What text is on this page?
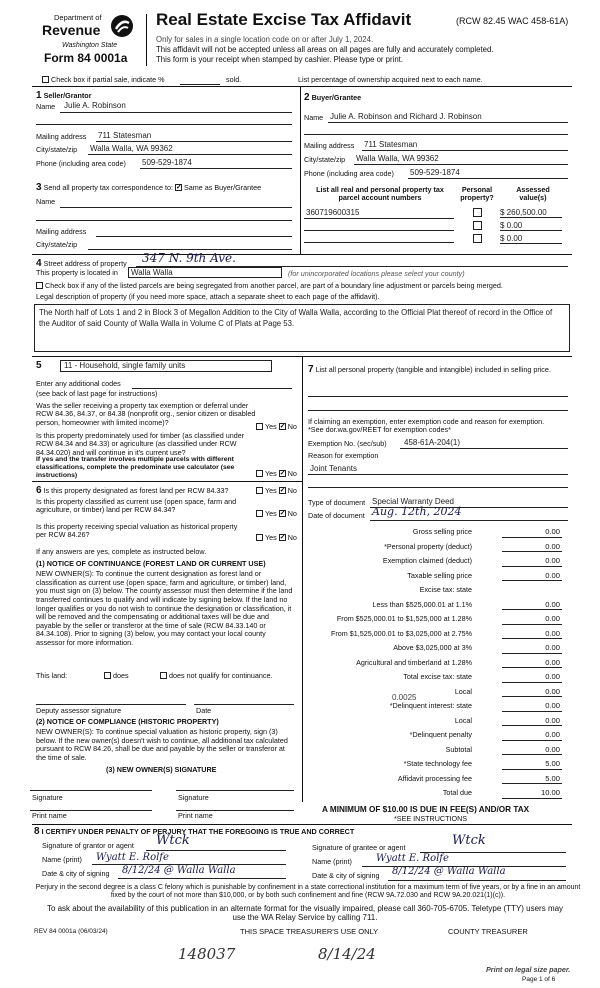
Department of
Revenue
Washington State
Form 84 0001a
Real Estate Excise Tax Affidavit	(RCW 82.45 WAC 458-61A)
Only for sales in a single location code on or after July 1, 2024.
This affidavit will not be accepted unless all areas on all pages are fully and accurately completed.
This form is your receipt when stamped by cashier. Please type or print.
Check box if partial sale, indicate %	sold.	List percentage of ownership acquired next to each name.
1 Seller/Grantor
Name Julie A. Robinson
Mailing address 711 Statesman
City/state/zip Walla Walla, WA 99362
Phone (including area code) 509-529-1874
2 Buyer/Grantee
Name Julie A. Robinson and Richard J. Robinson
Mailing address 711 Statesman
City/state/zip Walla Walla, WA 99362
Phone (including area code) 509-529-1874
3 Send all property tax correspondence to: ✓ Same as Buyer/Grantee
Name
Mailing address
City/state/zip
List all real and personal property tax parcel account numbers
Personal property?
Assessed value(s)
360719600315	$ 260,500.00
$ 0.00
$ 0.00
4 Street address of property 347 N. 9th Ave.
This property is located in	Walla Walla	(for unincorporated locations please select your county)
Check box if any of the listed parcels are being segregated from another parcel, are part of a boundary line adjustment or parcels being merged.
Legal description of property (if you need more space, attach a separate sheet to each page of the affidavit).
The North half of Lots 1 and 2 in Block 3 of Megallon Addition to the City of Walla Walla, according to the Official Plat thereof of record in the Office of the Auditor of said County of Walla Walla in Volume C of Plats at Page 53.
5	11 - Household, single family units
Enter any additional codes
(see back of last page for instructions)
Was the seller receiving a property tax exemption or deferral under RCW 84.36, 84.37, or 84.38 (nonprofit org., senior citizen or disabled person, homeowner with limited income)?	Yes ✓ No
Is this property predominately used for timber (as classified under RCW 84.34 and 84.33) or agriculture (as classified under RCW 84.34.020) and will continue in it's current use?
If yes and the transfer involves multiple parcels with different classifications, complete the predominate use calculator (see instructions)	Yes ✓ No
6 Is this property designated as forest land per RCW 84.33?	Yes ✓ No
Is this property classified as current use (open space, farm and agriculture, or timber) land per RCW 84.34?	Yes ✓ No
Is this property receiving special valuation as historical property per RCW 84.26?	Yes ✓ No
If any answers are yes, complete as instructed below.
(1) NOTICE OF CONTINUANCE (FOREST LAND OR CURRENT USE)
NEW OWNER(S): To continue the current designation as forest land or classification as current use (open space, farm and agriculture, or timber) land, you must sign on (3) below. The county assessor must then determine if the land transferred continues to qualify and will indicate by signing below. If the land no longer qualifies or you do not wish to continue the designation or classification, it will be removed and the compensating or additional taxes will be due and payable by the seller or transferor at the time of sale (RCW 84.33.140 or 84.34.108). Prior to signing (3) below, you may contact your local county assessor for more information.
This land:	does	does not qualify for continuance.
Deputy assessor signature	Date
(2) NOTICE OF COMPLIANCE (HISTORIC PROPERTY)
NEW OWNER(S): To continue special valuation as historic property, sign (3) below. If the new owner(s) doesn't wish to continue, all additional tax calculated pursuant to RCW 84.26, shall be due and payable by the seller or transferor at the time of sale.
(3) NEW OWNER(S) SIGNATURE
Signature	Signature
Print name	Print name
7 List all personal property (tangible and intangible) included in selling price.
If claiming an exemption, enter exemption code and reason for exemption. *See dor.wa.gov/REET for exemption codes*
Exemption No. (sec/sub) 458-61A-204(1)
Reason for exemption
Joint Tenants
Type of document Special Warranty Deed
Date of document Aug. 12th, 2024
Gross selling price	0.00
*Personal property (deduct)	0.00
Exemption claimed (deduct)	0.00
Taxable selling price	0.00
Excise tax: state
Less than $525,000.01 at 1.1%	0.00
From $525,000.01 to $1,525,000 at 1.28%	0.00
From $1,525,000.01 to $3,025,000 at 2.75%	0.00
Above $3,025,000 at 3%	0.00
Agricultural and timberland at 1.28%	0.00
Total excise tax: state	0.00
Local	0.00
*Delinquent interest: state	0.00
Local	0.00
*Delinquent penalty	0.00
Subtotal	0.00
*State technology fee	5.00
Affidavit processing fee	5.00
Total due	10.00
0.0025
A MINIMUM OF $10.00 IS DUE IN FEE(S) AND/OR TAX
*SEE INSTRUCTIONS
8 I CERTIFY UNDER PENALTY OF PERJURY THAT THE FOREGOING IS TRUE AND CORRECT
Signature of grantor or agent Wtck
Name (print) Wyatt E. Rolfe
Date & city of signing 8/12/24 @ Walla Walla
Signature of grantee or agent	Wtck
Name (print) Wyatt E. Rolfe
Date & city of signing 8/12/24 @ Walla Walla
Perjury in the second degree is a class C felony which is punishable by confinement in a state correctional institution for a maximum term of five years, or by a fine in an amount fixed by the court of not more than $10,000, or by both such confinement and fine (RCW 9A.72.030 and RCW 9A.20.021(1)(c)).
To ask about the availability of this publication in an alternate format for the visually impaired, please call 360-705-6705. Teletype (TTY) users may use the WA Relay Service by calling 711.
REV 84 0001a (06/03/24)	THIS SPACE TREASURER'S USE ONLY	COUNTY TREASURER
148037	8/14/24
Print on legal size paper.
Page 1 of 6
